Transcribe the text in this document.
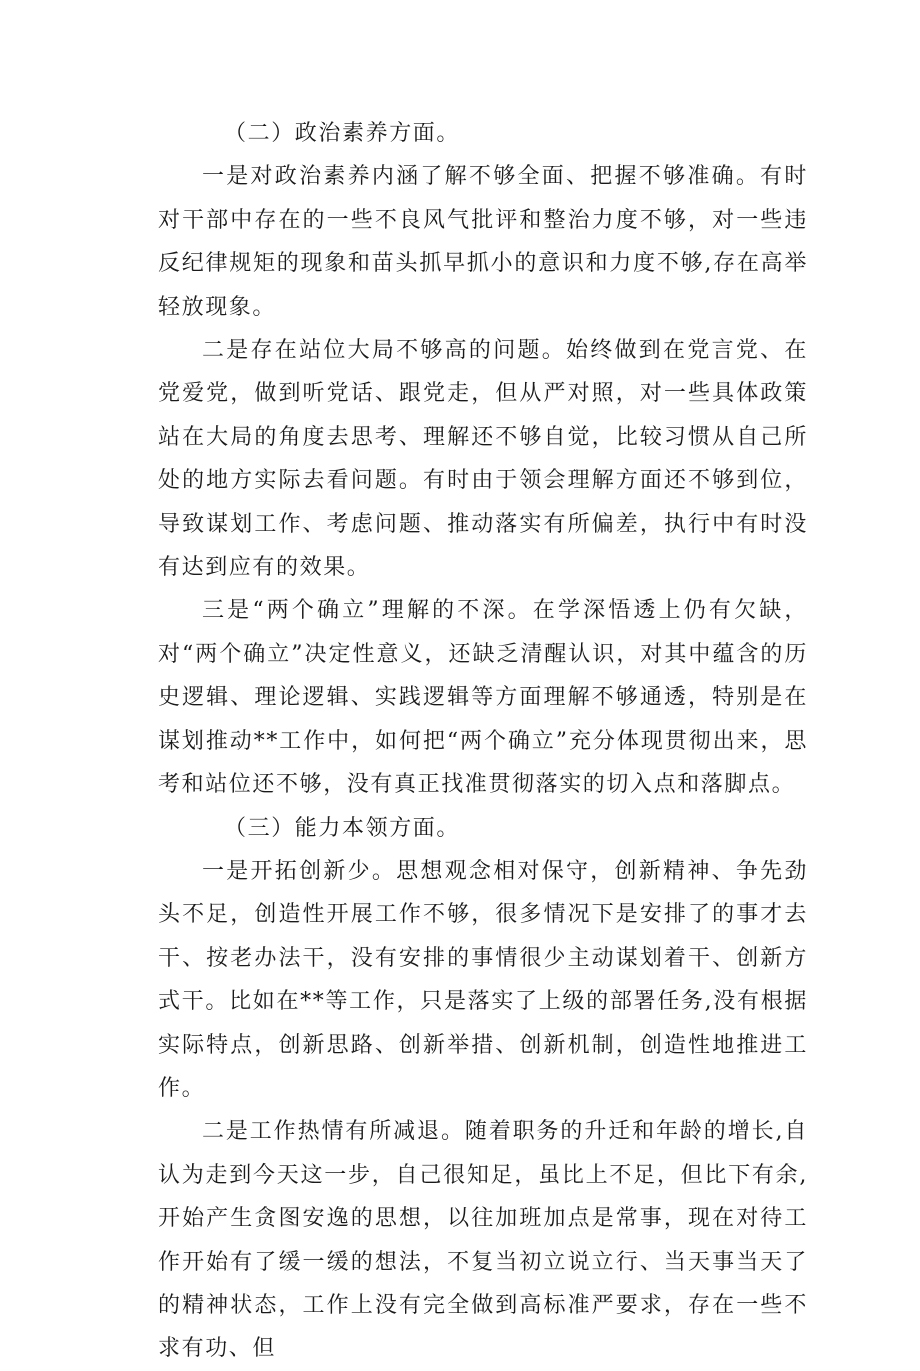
（二）政治素养方面。

一是对政治素养内涵了解不够全面、把握不够准确。有时对干部中存在的一些不良风气批评和整治力度不够，对一些违反纪律规矩的现象和苗头抓早抓小的意识和力度不够,存在高举轻放现象。

二是存在站位大局不够高的问题。始终做到在党言党、在党爱党，做到听党话、跟党走，但从严对照，对一些具体政策站在大局的角度去思考、理解还不够自觉，比较习惯从自己所处的地方实际去看问题。有时由于领会理解方面还不够到位，导致谋划工作、考虑问题、推动落实有所偏差，执行中有时没有达到应有的效果。

三是“两个确立”理解的不深。在学深悟透上仍有欠缺，对“两个确立”决定性意义，还缺乏清醒认识，对其中蕴含的历史逻辑、理论逻辑、实践逻辑等方面理解不够通透，特别是在谋划推动**工作中，如何把“两个确立”充分体现贯彻出来，思考和站位还不够，没有真正找准贯彻落实的切入点和落脚点。

（三）能力本领方面。

一是开拓创新少。思想观念相对保守，创新精神、争先劲头不足，创造性开展工作不够，很多情况下是安排了的事才去干、按老办法干，没有安排的事情很少主动谋划着干、创新方式干。比如在**等工作，只是落实了上级的部署任务,没有根据实际特点，创新思路、创新举措、创新机制，创造性地推进工作。

二是工作热情有所减退。随着职务的升迁和年龄的增长,自认为走到今天这一步，自己很知足，虽比上不足，但比下有余,开始产生贪图安逸的思想，以往加班加点是常事，现在对待工作开始有了缓一缓的想法，不复当初立说立行、当天事当天了的精神状态，工作上没有完全做到高标准严要求，存在一些不求有功、但
